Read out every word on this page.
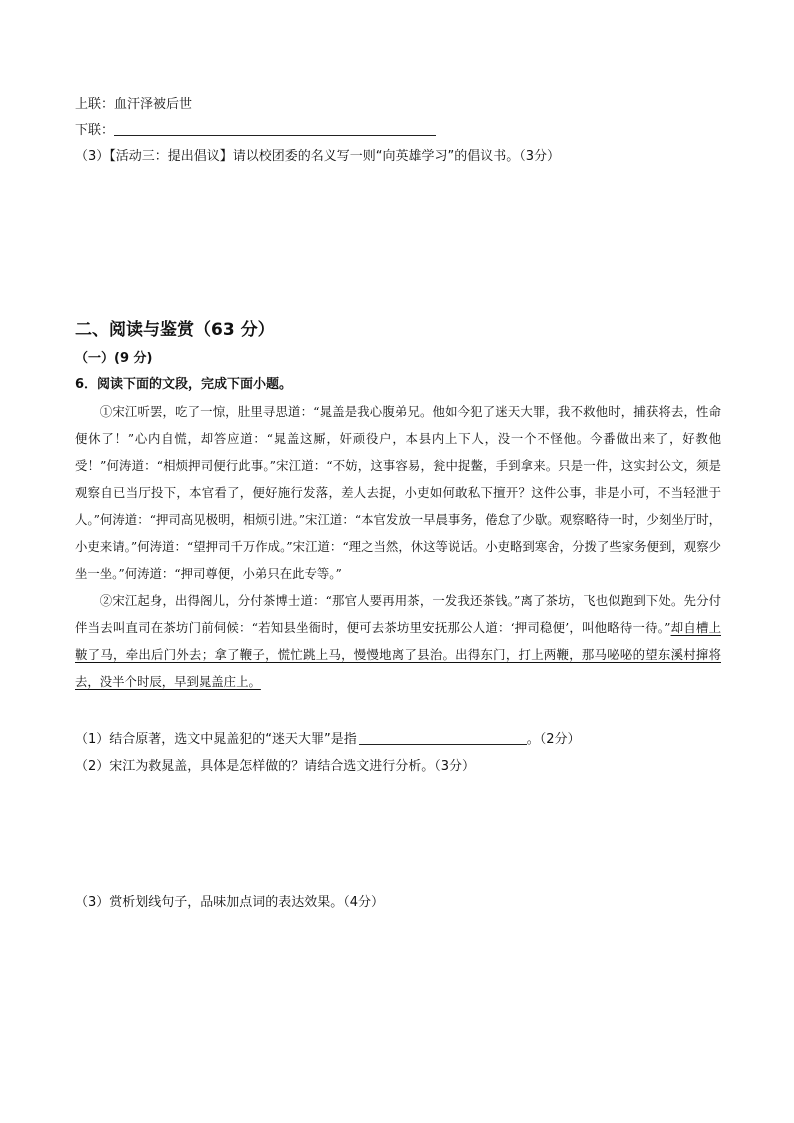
上联：血汗泽被后世
下联：
（3）【活动三：提出倡议】请以校团委的名义写一则“向英雄学习”的倡议书。（3分）
二、阅读与鉴赏（63 分）
（一）(9 分)
6．阅读下面的文段，完成下面小题。

①宋江听罢，吃了一惊，肚里寻思道：“晁盖是我心腹弟兄。他如今犯了迷天大罪，我不救他时，捕获将去，性命便休了！”心内自慌，却答应道：“晁盖这厮，奸顽役户，本县内上下人，没一个不怪他。今番做出来了，好教他受！”何涛道：“相烦押司便行此事。”宋江道：“不妨，这事容易，瓮中捉鳖，手到拿来。只是一件，这实封公文，须是观察自已当厅投下，本官看了，便好施行发落，差人去捉，小吏如何敢私下擅开？这件公事，非是小可，不当轻泄于人。”何涛道：“押司高见极明，相烦引进。”宋江道：“本官发放一早晨事务，倦怠了少歇。观察略待一时，少刻坐厅时，小吏来请。”何涛道：“望押司千万作成。”宋江道：“理之当然，休这等说话。小吏略到寒舍，分拨了些家务便到，观察少坐一坐。”何涛道：“押司尊便，小弟只在此专等。”

②宋江起身，出得阁儿，分付茶博士道：“那官人要再用茶，一发我还茶钱。”离了茶坊，飞也似跑到下处。先分付伴当去叫直司在茶坊门前伺候：“若知县坐衙时，便可去茶坊里安抚那公人道：‘押司稳便’，叫他略待一待。”却自槽上鞁了马，牵出后门外去；拿了鞭子，慌忙跳上马，慢慢地离了县治。出得东门，打上两鞭，那马咇咇的望东溪村撺将去，没半个时辰，早到晁盖庄上。

（1）结合原著，选文中晁盖犯的“迷天大罪”是指	。（2分）
（2）宋江为救晁盖，具体是怎样做的？请结合选文进行分析。（3分）
（3）赏析划线句子，品味加点词的表达效果。（4分）
